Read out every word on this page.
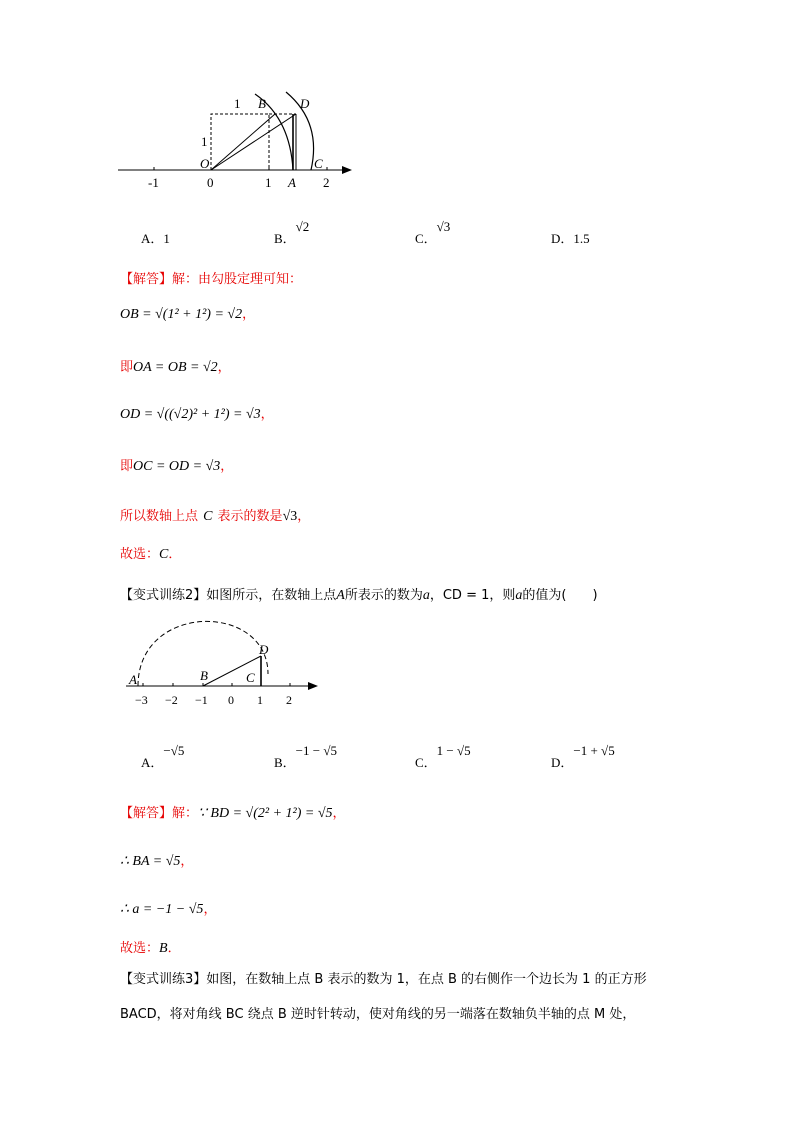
1
1
B	D
O	C
A
-1	0	1	2
A．1	B．√2
C．√3
D．1.5
【解答】解：由勾股定理可知：
OB = √(1² + 1²) = √2，
即OA = OB = √2，
OD = √((√2)² + 1²) = √3，
即OC = OD = √3，
所以数轴上点 C 表示的数是√3，
故选：C．
【变式训练2】如图所示，在数轴上点A所表示的数为a，CD = 1，则a的值为(　　)
A	B	C
D
−3 −2 −1 0 1 2
A．−√5
B．−1 − √5
C．1 − √5
D．−1 + √5
【解答】解：∵ BD = √(2² + 1²) = √5，
∴ BA = √5，
∴ a = −1 − √5，
故选：B．
【变式训练3】如图，在数轴上点 B 表示的数为 1，在点 B 的右侧作一个边长为 1 的正方形
BACD，将对角线 BC 绕点 B 逆时针转动，使对角线的另一端落在数轴负半轴的点 M 处，
